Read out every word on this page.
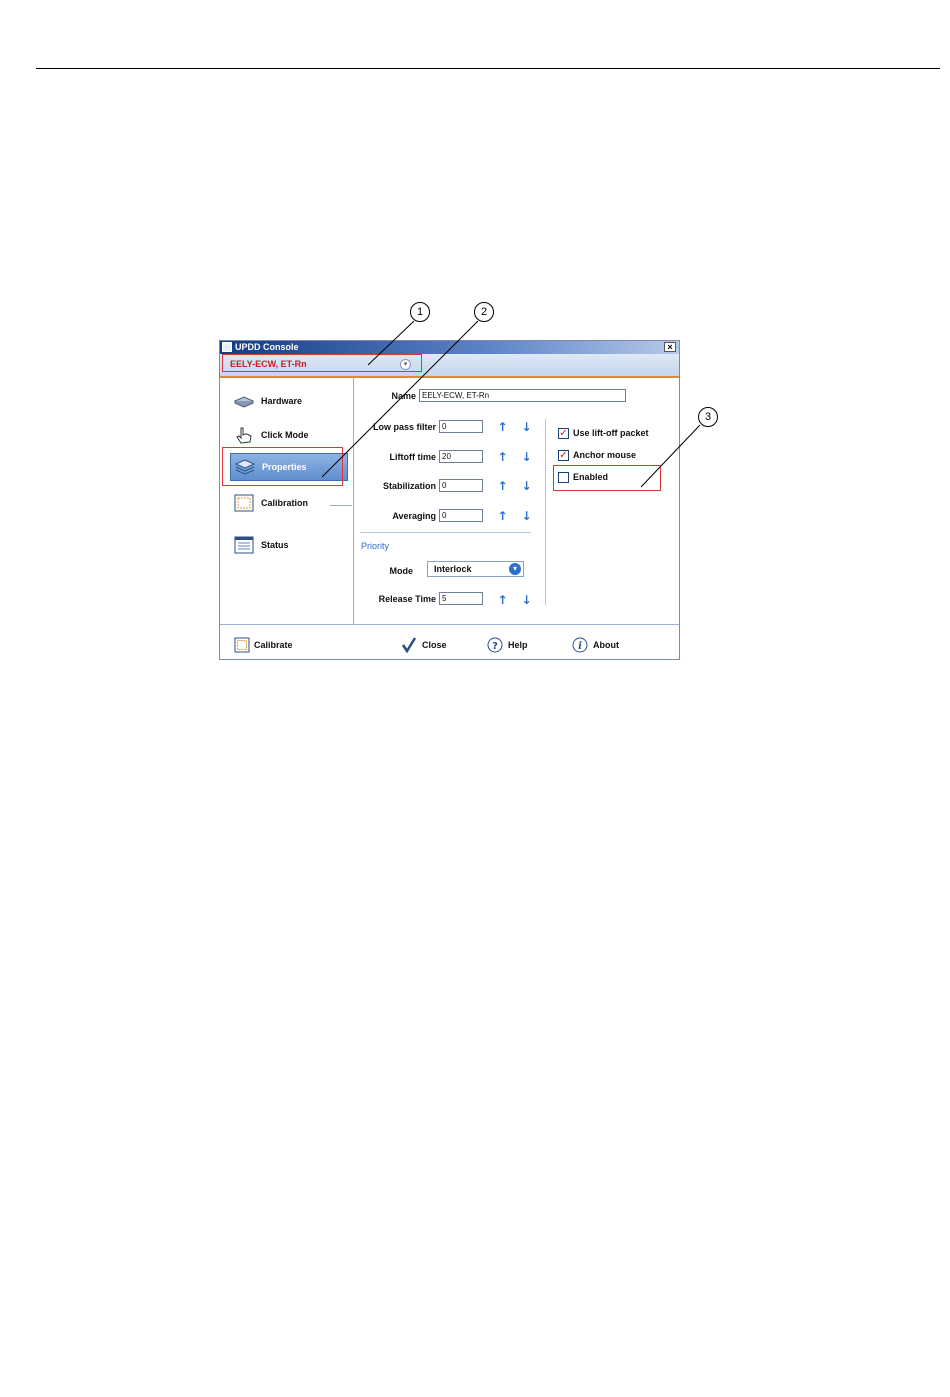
UPDD Console	×
EELY-ECW, ET-Rn	▾
Hardware
Click Mode
Properties
Calibration
Status
Name EELY-ECW, ET-Rn
Low pass filter 0	↑ ↓
Liftoff time 20	↑ ↓
Stabilization 0	↑ ↓
Averaging 0	↑ ↓
Priority
Mode Interlock	▾
Release Time 5	↑ ↓
✓ Use lift-off packet
✓ Anchor mouse
Enabled
Calibrate	Close	? Help	i About
1	2
3
